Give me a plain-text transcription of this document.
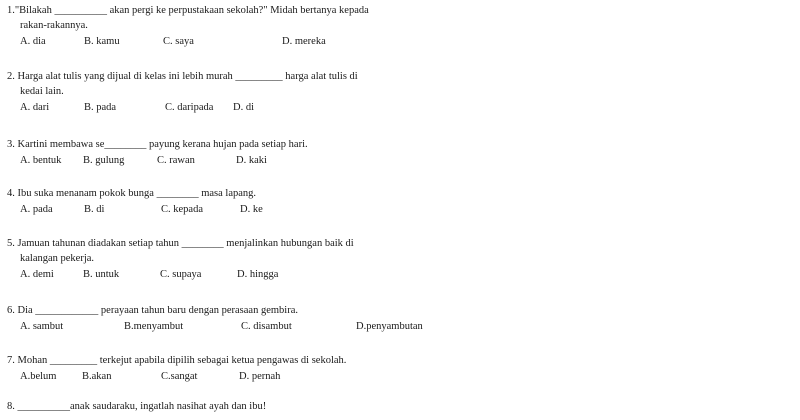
1."Bilakah __________ akan pergi ke perpustakaan sekolah?" Midah bertanya kepada
rakan-rakannya.
A. dia	B. kamu	C. saya	D. mereka
2. Harga alat tulis yang dijual di kelas ini lebih murah _________ harga alat tulis di
kedai lain.
A. dari	B. pada	C. daripada D. di
3. Kartini membawa se________ payung kerana hujan pada setiap hari.
A. bentuk B. gulung	C. rawan	D. kaki
4. Ibu suka menanam pokok bunga ________ masa lapang.
A. pada	B. di	C. kepada	D. ke
5. Jamuan tahunan diadakan setiap tahun ________ menjalinkan hubungan baik di
kalangan pekerja.
A. demi	B. untuk	C. supaya	D. hingga
6. Dia ____________ perayaan tahun baru dengan perasaan gembira.
A. sambut	B.menyambut	C. disambut	D.penyambutan
7. Mohan _________ terkejut apabila dipilih sebagai ketua pengawas di sekolah.
A.belum B.akan	C.sangat	D. pernah
8. __________anak saudaraku, ingatlah nasihat ayah dan ibu!
